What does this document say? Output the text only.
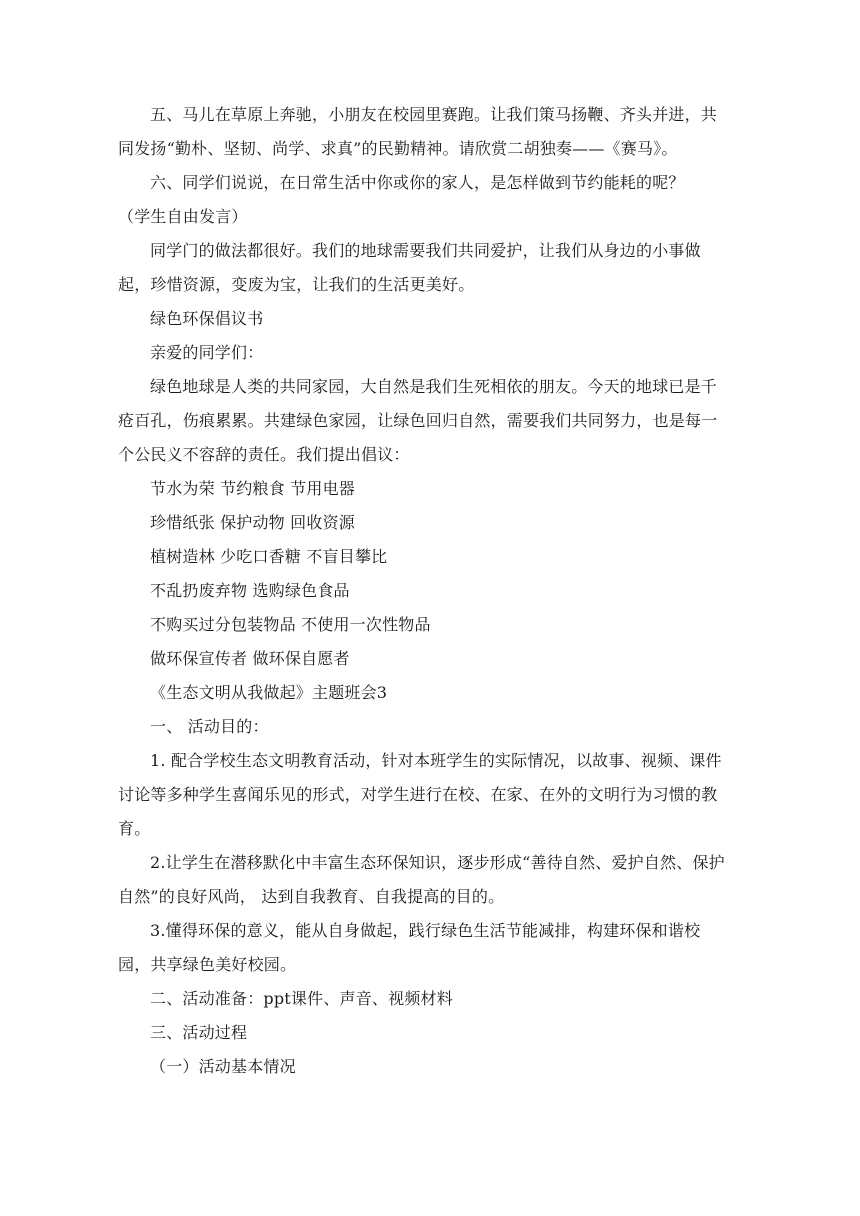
五、马儿在草原上奔驰，小朋友在校园里赛跑。让我们策马扬鞭、齐头并进，共同发扬“勤朴、坚韧、尚学、求真”的民勤精神。请欣赏二胡独奏——《赛马》。

六、同学们说说，在日常生活中你或你的家人，是怎样做到节约能耗的呢？

（学生自由发言）

同学门的做法都很好。我们的地球需要我们共同爱护，让我们从身边的小事做起，珍惜资源，变废为宝，让我们的生活更美好。

绿色环保倡议书

亲爱的同学们：

绿色地球是人类的共同家园，大自然是我们生死相依的朋友。今天的地球已是千疮百孔，伤痕累累。共建绿色家园，让绿色回归自然，需要我们共同努力，也是每一个公民义不容辞的责任。我们提出倡议：

节水为荣 节约粮食 节用电器

珍惜纸张 保护动物 回收资源

植树造林 少吃口香糖 不盲目攀比

不乱扔废弃物 选购绿色食品

不购买过分包装物品 不使用一次性物品

做环保宣传者 做环保自愿者

《生态文明从我做起》主题班会3

一、 活动目的：

1. 配合学校生态文明教育活动，针对本班学生的实际情况，以故事、视频、课件讨论等多种学生喜闻乐见的形式，对学生进行在校、在家、在外的文明行为习惯的教育。

2.让学生在潜移默化中丰富生态环保知识，逐步形成“善待自然、爱护自然、保护自然”的良好风尚， 达到自我教育、自我提高的目的。

3.懂得环保的意义，能从自身做起，践行绿色生活节能减排，构建环保和谐校园，共享绿色美好校园。

二、活动准备：ppt课件、声音、视频材料

三、活动过程

（一）活动基本情况
